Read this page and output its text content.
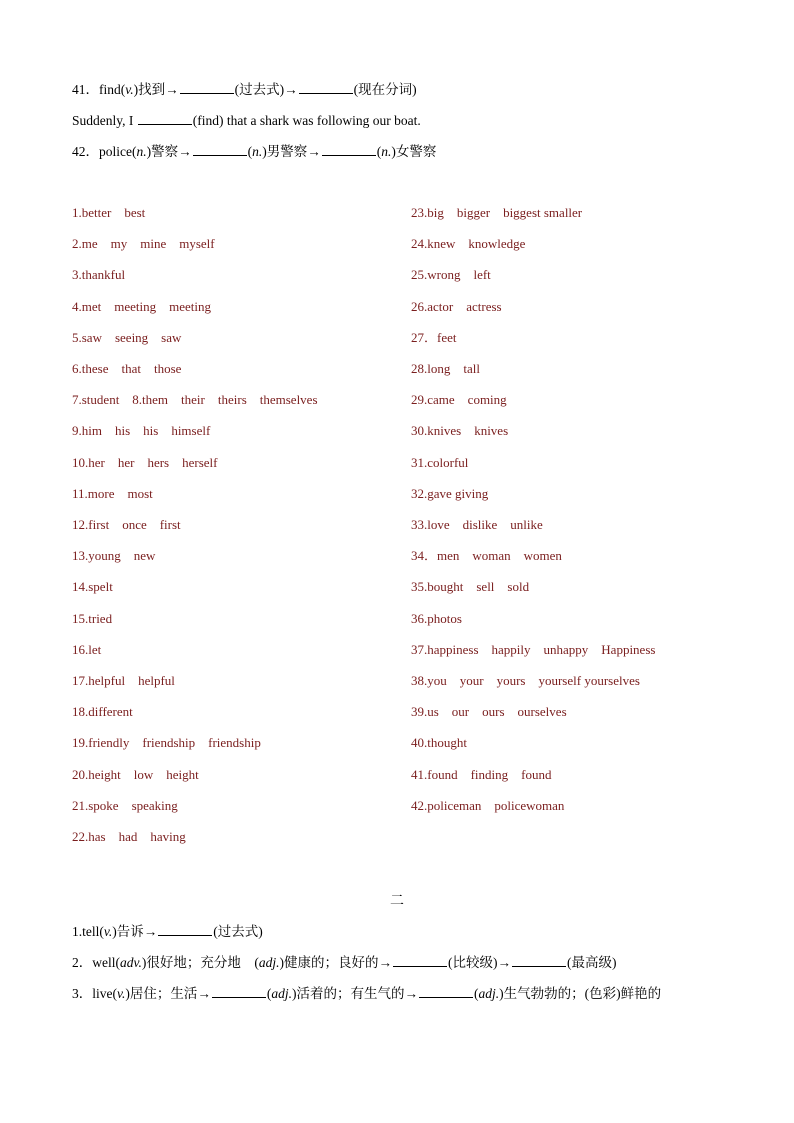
41．find(v.)找到→	(过去式)→	(现在分词)
Suddenly, I	(find) that a shark was following our boat.
42．police(n.)警察→	(n.)男警察→	(n.)女警察
1.better    best
2.me    my    mine    myself
3.thankful
4.met    meeting    meeting
5.saw    seeing    saw
6.these    that    those
7.student    8.them    their    theirs    themselves
9.him    his    his    himself
10.her    her    hers    herself
11.more    most
12.first    once    first
13.young    new
14.spelt
15.tried
16.let
17.helpful    helpful
18.different
19.friendly    friendship    friendship
20.height    low    height
21.spoke    speaking
22.has    had    having
23.big    bigger    biggest smaller
24.knew    knowledge
25.wrong    left
26.actor    actress
27．feet
28.long    tall
29.came    coming
30.knives    knives
31.colorful
32.gave giving
33.love    dislike    unlike
34．men    woman    women
35.bought    sell    sold
36.photos
37.happiness    happily    unhappy    Happiness
38.you    your    yours    yourself yourselves
39.us    our    ours    ourselves
40.thought
41.found    finding    found
42.policeman    policewoman
二
1.tell(v.)告诉→	(过去式)
2．well(adv.)很好地；充分地　(adj.)健康的；良好的→	(比较级)→	(最高级)
3．live(v.)居住；生活→	(adj.)活着的；有生气的→	(adj.)生气勃勃的；(色彩)鲜艳的
